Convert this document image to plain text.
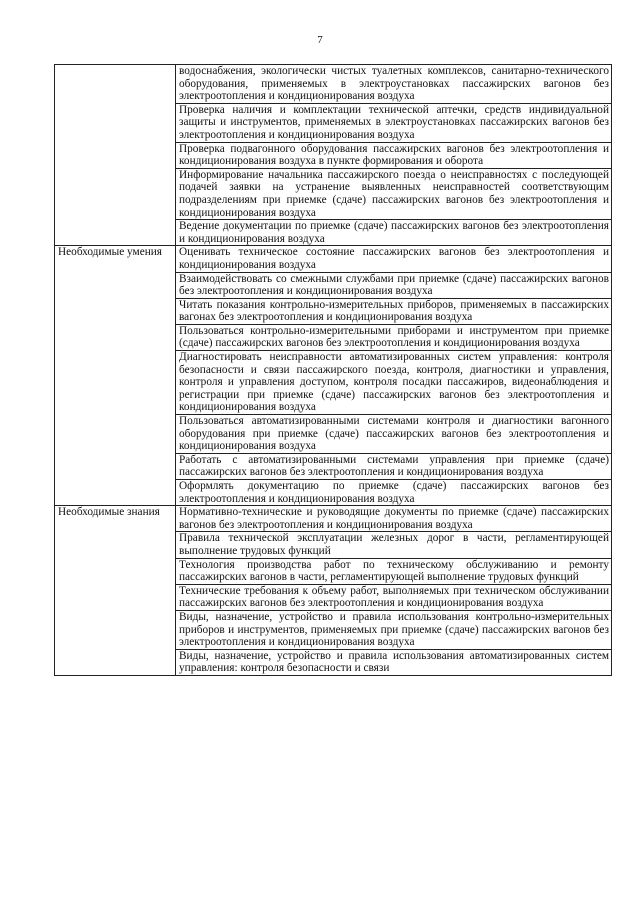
7
	водоснабжения, экологически чистых туалетных комплексов, санитарно-технического оборудования, применяемых в электроустановках пассажирских вагонов без электроотопления и кондиционирования воздуха
	Проверка наличия и комплектации технической аптечки, средств индивидуальной защиты и инструментов, применяемых в электроустановках пассажирских вагонов без электроотопления и кондиционирования воздуха
	Проверка подвагонного оборудования пассажирских вагонов без электроотопления и кондиционирования воздуха в пункте формирования и оборота
	Информирование начальника пассажирского поезда о неисправностях с последующей подачей заявки на устранение выявленных неисправностей соответствующим подразделениям при приемке (сдаче) пассажирских вагонов без электроотопления и кондиционирования воздуха
	Ведение документации по приемке (сдаче) пассажирских вагонов без электроотопления и кондиционирования воздуха
Необходимые умения	Оценивать техническое состояние пассажирских вагонов без электроотопления и кондиционирования воздуха
	Взаимодействовать со смежными службами при приемке (сдаче) пассажирских вагонов без электроотопления и кондиционирования воздуха
	Читать показания контрольно-измерительных приборов, применяемых в пассажирских вагонах без электроотопления и кондиционирования воздуха
	Пользоваться контрольно-измерительными приборами и инструментом при приемке (сдаче) пассажирских вагонов без электроотопления и кондиционирования воздуха
	Диагностировать неисправности автоматизированных систем управления: контроля безопасности и связи пассажирского поезда, контроля, диагностики и управления, контроля и управления доступом, контроля посадки пассажиров, видеонаблюдения и регистрации при приемке (сдаче) пассажирских вагонов без электроотопления и кондиционирования воздуха
	Пользоваться автоматизированными системами контроля и диагностики вагонного оборудования при приемке (сдаче) пассажирских вагонов без электроотопления и кондиционирования воздуха
	Работать с автоматизированными системами управления при приемке (сдаче) пассажирских вагонов без электроотопления и кондиционирования воздуха
	Оформлять документацию по приемке (сдаче) пассажирских вагонов без электроотопления и кондиционирования воздуха
Необходимые знания	Нормативно-технические и руководящие документы по приемке (сдаче) пассажирских вагонов без электроотопления и кондиционирования воздуха
	Правила технической эксплуатации железных дорог в части, регламентирующей выполнение трудовых функций
	Технология производства работ по техническому обслуживанию и ремонту пассажирских вагонов в части, регламентирующей выполнение трудовых функций
	Технические требования к объему работ, выполняемых при техническом обслуживании пассажирских вагонов без электроотопления и кондиционирования воздуха
	Виды, назначение, устройство и правила использования контрольно-измерительных приборов и инструментов, применяемых при приемке (сдаче) пассажирских вагонов без электроотопления и кондиционирования воздуха
	Виды, назначение, устройство и правила использования автоматизированных систем управления: контроля безопасности и связи
